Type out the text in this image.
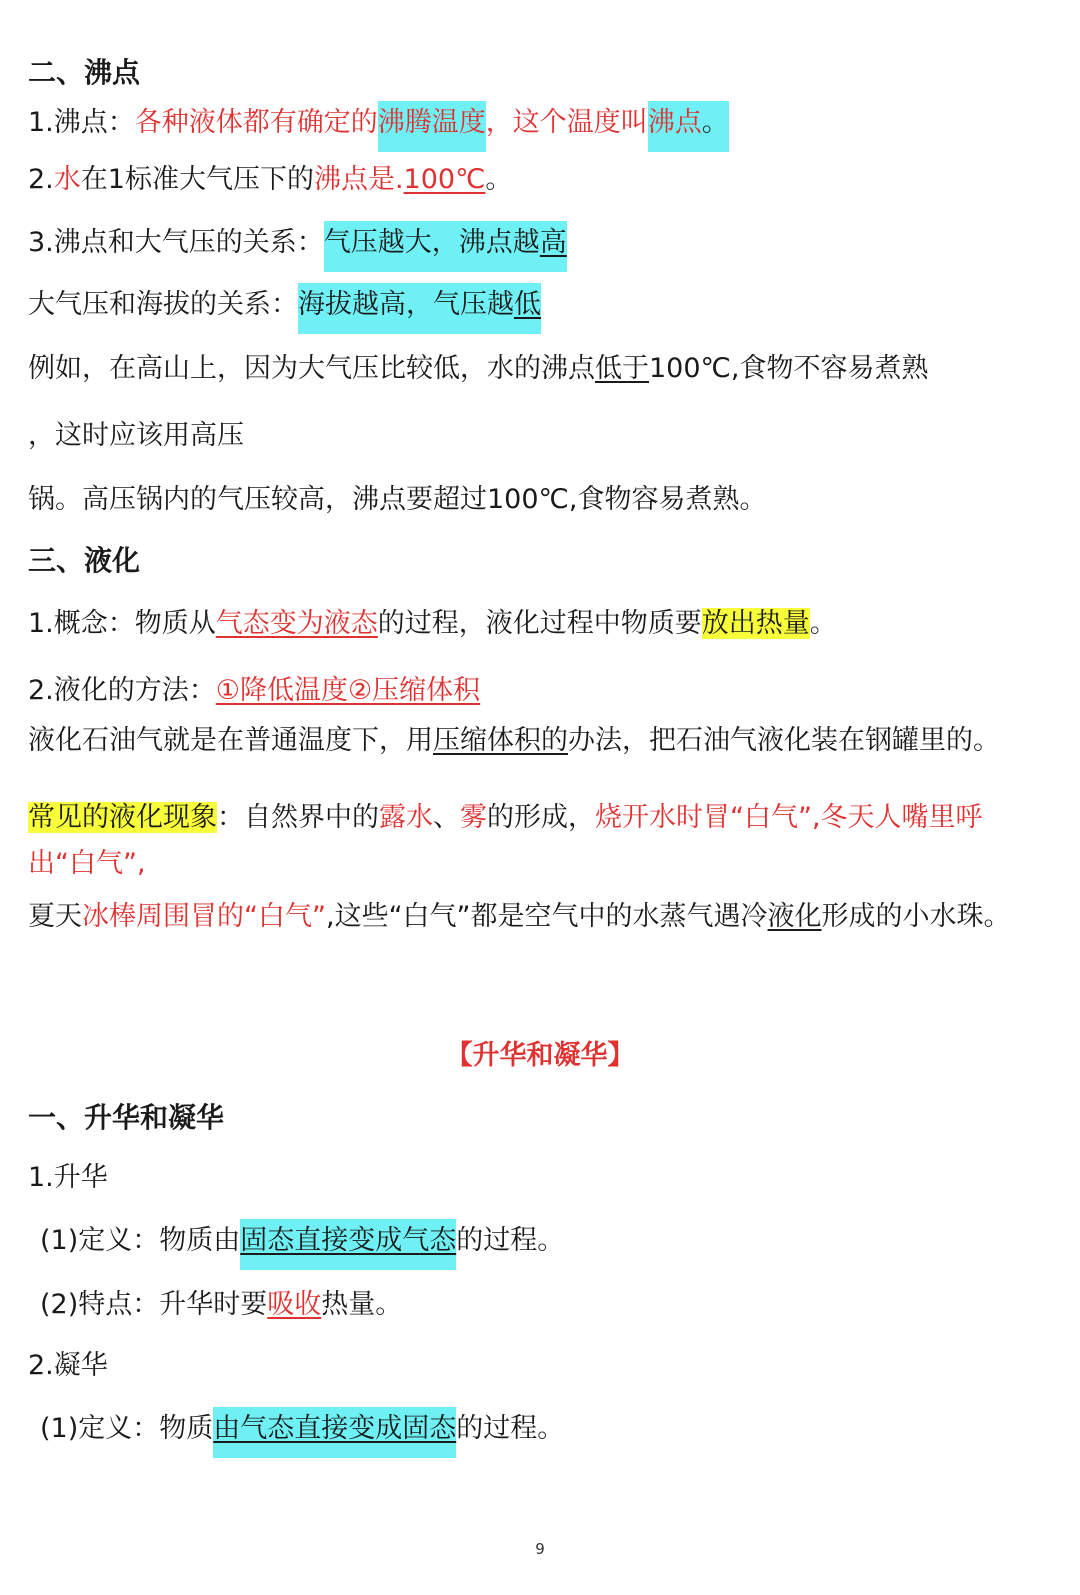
二、沸点
1.沸点：各种液体都有确定的沸腾温度，这个温度叫沸点。
2.水在1标准大气压下的沸点是.100℃。
3.沸点和大气压的关系：气压越大，沸点越高
大气压和海拔的关系：海拔越高，气压越低
例如，在高山上，因为大气压比较低，水的沸点低于100℃,食物不容易煮熟
，这时应该用高压
锅。高压锅内的气压较高，沸点要超过100℃,食物容易煮熟。
三、液化
1.概念：物质从气态变为液态的过程，液化过程中物质要放出热量。
2.液化的方法：①降低温度②压缩体积
液化石油气就是在普通温度下，用压缩体积的办法，把石油气液化装在钢罐里的。
常见的液化现象：自然界中的露水、雾的形成，烧开水时冒“白气”,冬天人嘴里呼出“白气”,
夏天冰棒周围冒的“白气”,这些“白气”都是空气中的水蒸气遇冷液化形成的小水珠。
【升华和凝华】
一、升华和凝华
1.升华
(1)定义：物质由固态直接变成气态的过程。
(2)特点：升华时要吸收热量。
2.凝华
(1)定义：物质由气态直接变成固态的过程。
9
